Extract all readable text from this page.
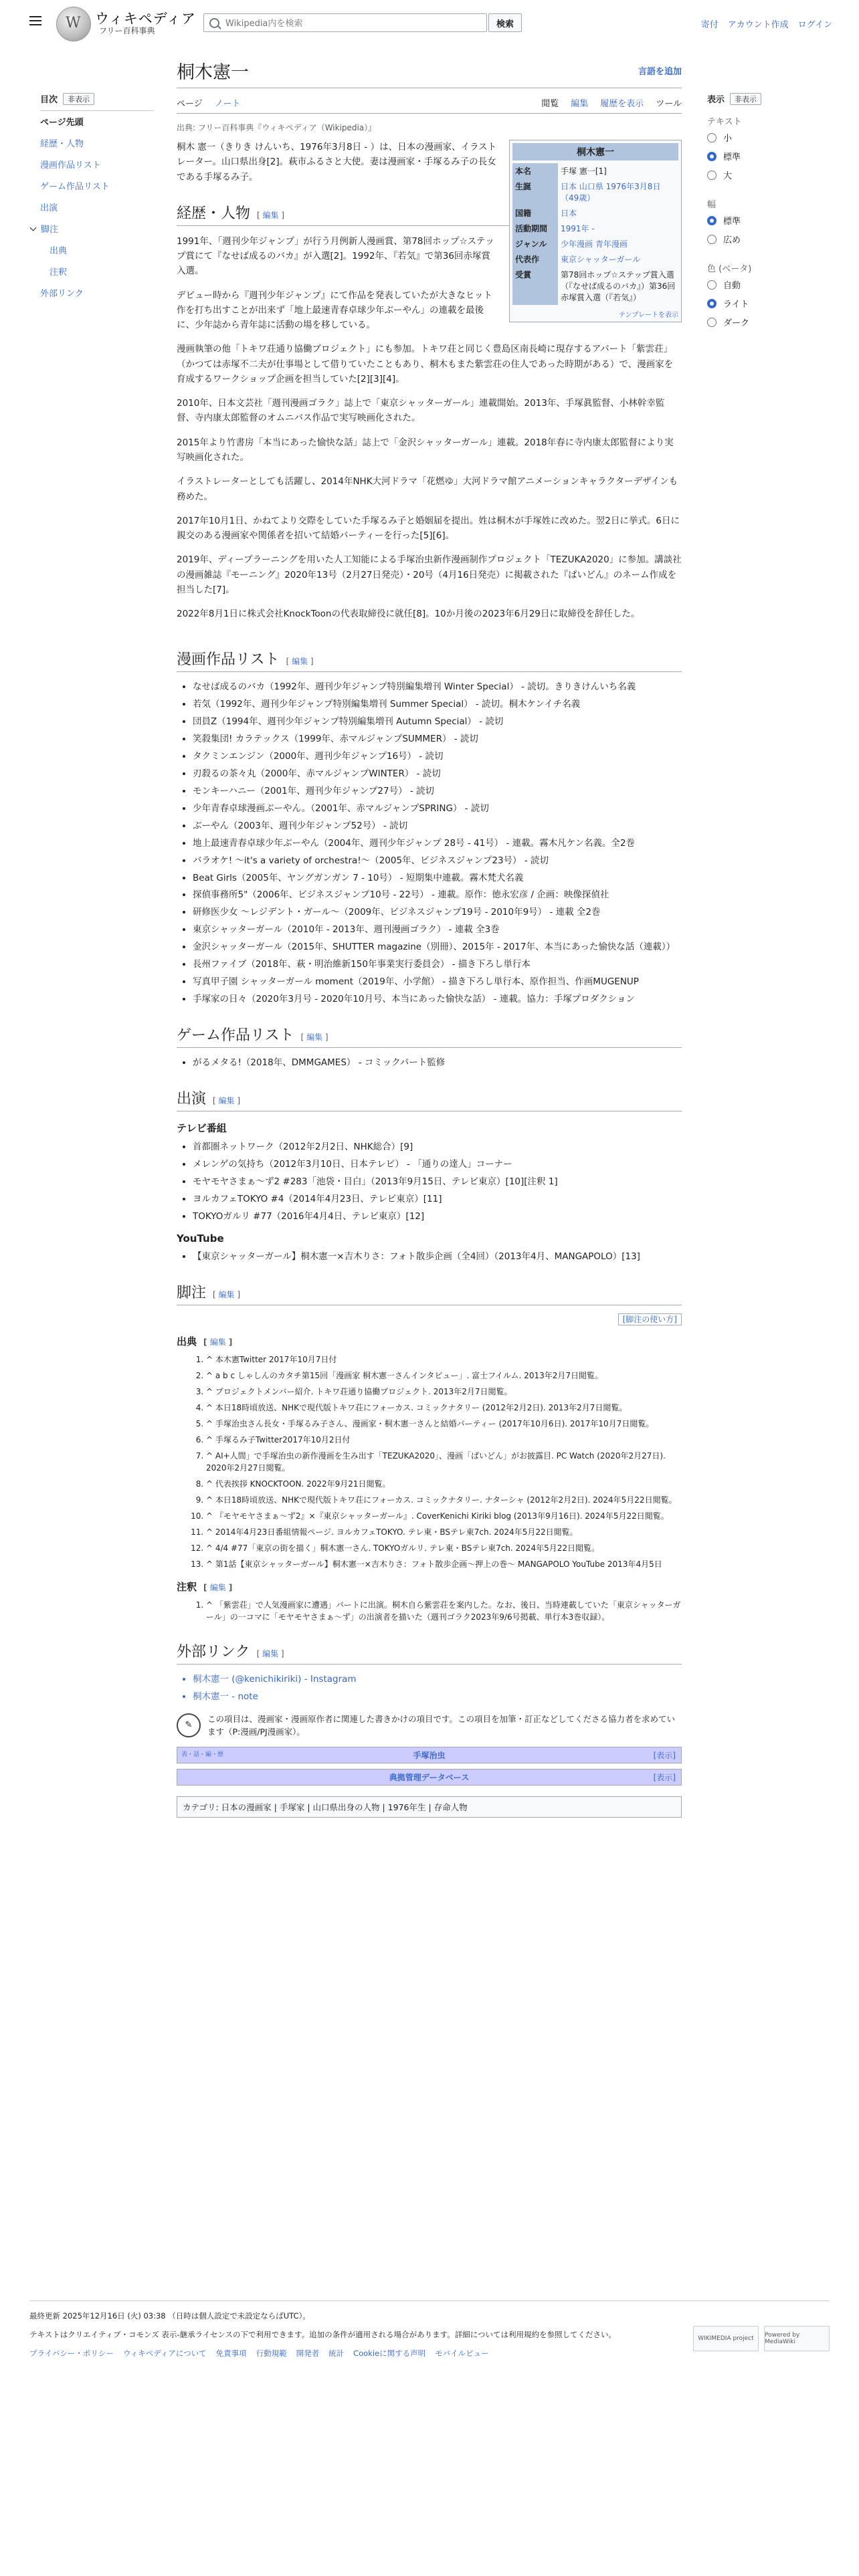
W
ウィキペディア
フリー百科事典
Wikipedia内を検索
検索	寄付 アカウント作成 ログイン
目次	非表示
ページ先頭
経歴・人物
漫画作品リスト
ゲーム作品リスト
出演
脚注
出典
注釈
外部リンク
表示	非表示
テキスト
小
標準
大
幅
標準
広め
色 (ベータ)
自動
ライト
ダーク
桐木憲一	言語を追加
ページ ノート	閲覧 編集 履歴を表示 ツール
出典: フリー百科事典『ウィキペディア（Wikipedia）』
桐木憲一
本名	手塚 憲一[1]
生誕	日本 山口県 1976年3月8日（49歳）
国籍	日本
活動期間	1991年 -
ジャンル	少年漫画 青年漫画
代表作	東京シャッターガール
受賞	第78回ホップ☆ステップ賞入選（『なせば成るのバカ』）第36回赤塚賞入選（『若気』）
テンプレートを表示

桐木 憲一（きりき けんいち、1976年3月8日 - ）は、日本の漫画家、イラストレーター。山口県出身[2]。萩市ふるさと大使。妻は漫画家・手塚るみ子の長女である手塚るみ子。

経歴・人物 [ 編集 ]

1991年、「週刊少年ジャンプ」が行う月例新人漫画賞、第78回ホップ☆ステップ賞にて『なせば成るのバカ』が入選[2]。1992年、『若気』で第36回赤塚賞入選。

デビュー時から『週刊少年ジャンプ』にて作品を発表していたが大きなヒット作を打ち出すことが出来ず「地上最速青春卓球少年ぶーやん」の連載を最後に、少年誌から青年誌に活動の場を移している。

漫画執筆の他「トキワ荘通り協働プロジェクト」にも参加。トキワ荘と同じく豊島区南長崎に現存するアパート「紫雲荘」（かつては赤塚不二夫が仕事場として借りていたこともあり、桐木もまた紫雲荘の住人であった時期がある）で、漫画家を育成するワークショップ企画を担当していた[2][3][4]。

2010年、日本文芸社「週刊漫画ゴラク」誌上で「東京シャッターガール」連載開始。2013年、手塚眞監督、小林幹幸監督、寺内康太郎監督のオムニバス作品で実写映画化された。

2015年より竹書房「本当にあった愉快な話」誌上で「金沢シャッターガール」連載。2018年春に寺内康太郎監督により実写映画化された。

イラストレーターとしても活躍し、2014年NHK大河ドラマ「花燃ゆ」大河ドラマ館アニメーションキャラクターデザインも務めた。

2017年10月1日、かねてより交際をしていた手塚るみ子と婚姻届を提出。姓は桐木が手塚姓に改めた。翌2日に挙式。6日に親交のある漫画家や関係者を招いて結婚パーティーを行った[5][6]。

2019年、ディープラーニングを用いた人工知能による手塚治虫新作漫画制作プロジェクト「TEZUKA2020」に参加。講談社の漫画雑誌『モーニング』2020年13号（2月27日発売）・20号（4月16日発売）に掲載された『ぱいどん』のネーム作成を担当した[7]。

2022年8月1日に株式会社KnockToonの代表取締役に就任[8]。10か月後の2023年6月29日に取締役を辞任した。

漫画作品リスト [ 編集 ]
• なせば成るのバカ（1992年、週刊少年ジャンプ特別編集増刊 Winter Special） - 読切。きりきけんいち名義
• 若気（1992年、週刊少年ジャンプ特別編集増刊 Summer Special） - 読切。桐木ケンイチ名義
• 団員Z（1994年、週刊少年ジャンプ特別編集増刊 Autumn Special） - 読切
• 笑殺集団! カラテックス（1999年、赤マルジャンプSUMMER） - 読切
• タクミンエンジン（2000年、週刊少年ジャンプ16号） - 読切
• 刃殺るの茶々丸（2000年、赤マルジャンプWINTER） - 読切
• モンキーハニー（2001年、週刊少年ジャンプ27号） - 読切
• 少年青春卓球漫画ぶーやん。（2001年、赤マルジャンプSPRING） - 読切
• ぶーやん（2003年、週刊少年ジャンプ52号） - 読切
• 地上最速青春卓球少年ぶーやん（2004年、週刊少年ジャンプ 28号 - 41号） - 連載。霧木凡ケン名義。全2巻
• バラオケ! 〜it's a variety of orchestra!〜（2005年、ビジネスジャンプ23号） - 読切
• Beat Girls（2005年、ヤングガンガン 7 - 10号） - 短期集中連載。霧木梵犬名義
• 探偵事務所5"（2006年、ビジネスジャンプ10号 - 22号） - 連載。原作：徳永宏彦 / 企画：映像探偵社
• 研修医少女 〜レジデント・ガール〜（2009年、ビジネスジャンプ19号 - 2010年9号） - 連載 全2巻
• 東京シャッターガール（2010年 - 2013年、週刊漫画ゴラク） - 連載 全3巻
• 金沢シャッターガール（2015年、SHUTTER magazine（別冊）、2015年 - 2017年、本当にあった愉快な話（連載））
• 長州ファイブ（2018年、萩・明治維新150年事業実行委員会） - 描き下ろし単行本
• 写真甲子園 シャッターガール moment（2019年、小学館） - 描き下ろし単行本、原作担当、作画MUGENUP
• 手塚家の日々（2020年3月号 - 2020年10月号、本当にあった愉快な話） - 連載。協力：手塚プロダクション
ゲーム作品リスト [ 編集 ]
• がるメタる!（2018年、DMMGAMES） - コミックパート監修
出演 [ 編集 ]
テレビ番組
• 首都圏ネットワーク（2012年2月2日、NHK総合）[9]
• メレンゲの気持ち（2012年3月10日、日本テレビ） - 「通りの達人」コーナー
• モヤモヤさまぁ～ず2 #283「池袋・目白」（2013年9月15日、テレビ東京）[10][注釈 1]
• ヨルカフェTOKYO #4（2014年4月23日、テレビ東京）[11]
• TOKYOガルリ #77（2016年4月4日、テレビ東京）[12]
YouTube
• 【東京シャッターガール】桐木憲一×吉木りさ：フォト散歩企画（全4回）（2013年4月、MANGAPOLO）[13]
脚注 [ 編集 ]
[脚注の使い方]
出典 [ 編集 ]
1. ^ 本木憲Twitter 2017年10月7日付
2. ^ a b c しゃしんのカタチ第15回「漫画家 桐木憲一さんインタビュー」. 富士フイルム. 2013年2月7日閲覧。
3. ^ プロジェクトメンバー紹介. トキワ荘通り協働プロジェクト. 2013年2月7日閲覧。
4. ^ 本日18時頃放送、NHKで現代版トキワ荘にフォーカス. コミックナタリー (2012年2月2日). 2013年2月7日閲覧。
5. ^ 手塚治虫さん長女・手塚るみ子さん、漫画家・桐木憲一さんと結婚パーティー (2017年10月6日). 2017年10月7日閲覧。
6. ^ 手塚るみ子Twitter2017年10月2日付
7. ^ AI+人間」で手塚治虫の新作漫画を生み出す「TEZUKA2020」、漫画「ぱいどん」がお披露目. PC Watch (2020年2月27日). 2020年2月27日閲覧。
8. ^ 代表挨拶 KNOCKTOON. 2022年9月21日閲覧。
9. ^ 本日18時頃放送、NHKで現代版トキワ荘にフォーカス. コミックナタリー. ナターシャ (2012年2月2日). 2024年5月22日閲覧。
10. ^ 『モヤモヤさまぁ～ず2』×『東京シャッターガール』. CoverKenichi Kiriki blog (2013年9月16日). 2024年5月22日閲覧。
11. ^ 2014年4月23日番組情報ページ. ヨルカフェTOKYO. テレ東・BSテレ東7ch. 2024年5月22日閲覧。
12. ^ 4/4 #77「東京の街を描く」桐木憲一さん. TOKYOガルリ. テレ東・BSテレ東7ch. 2024年5月22日閲覧。
13. ^ 第1話【東京シャッターガール】桐木憲一×吉木りさ：フォト散歩企画〜押上の巻〜 MANGAPOLO YouTube 2013年4月5日
注釈 [ 編集 ]
1. ^ 「紫雲荘」で人気漫画家に遭遇」パートに出演。桐木自ら紫雲荘を案内した。なお、後日、当時連載していた「東京シャッターガール」の一コマに「モヤモヤさまぁ～ず」の出演者を描いた（週刊ゴラク2023年9/6号掲載、単行本3巻収録）。
外部リンク [ 編集 ]
• 桐木憲一 (@kenichikiriki) - Instagram
• 桐木憲一 - note
✎
この項目は、漫画家・漫画原作者に関連した書きかけの項目です。この項目を加筆・訂正などしてくださる協力者を求めています（P:漫画/PJ漫画家）。
表・話・編・歴	手塚治虫	[表示]
典拠管理データベース	[表示]
カテゴリ: 日本の漫画家 | 手塚家 | 山口県出身の人物 | 1976年生 | 存命人物
最終更新 2025年12月16日 (火) 03:38 （日時は個人設定で未設定ならばUTC）。
テキストはクリエイティブ・コモンズ 表示-継承ライセンスの下で利用できます。追加の条件が適用される場合があります。詳細については利用規約を参照してください。
プライバシー・ポリシー ウィキペディアについて 免責事項 行動規範 開発者 統計 Cookieに関する声明 モバイルビュー
WIKIMEDIA project	Powered by MediaWiki
